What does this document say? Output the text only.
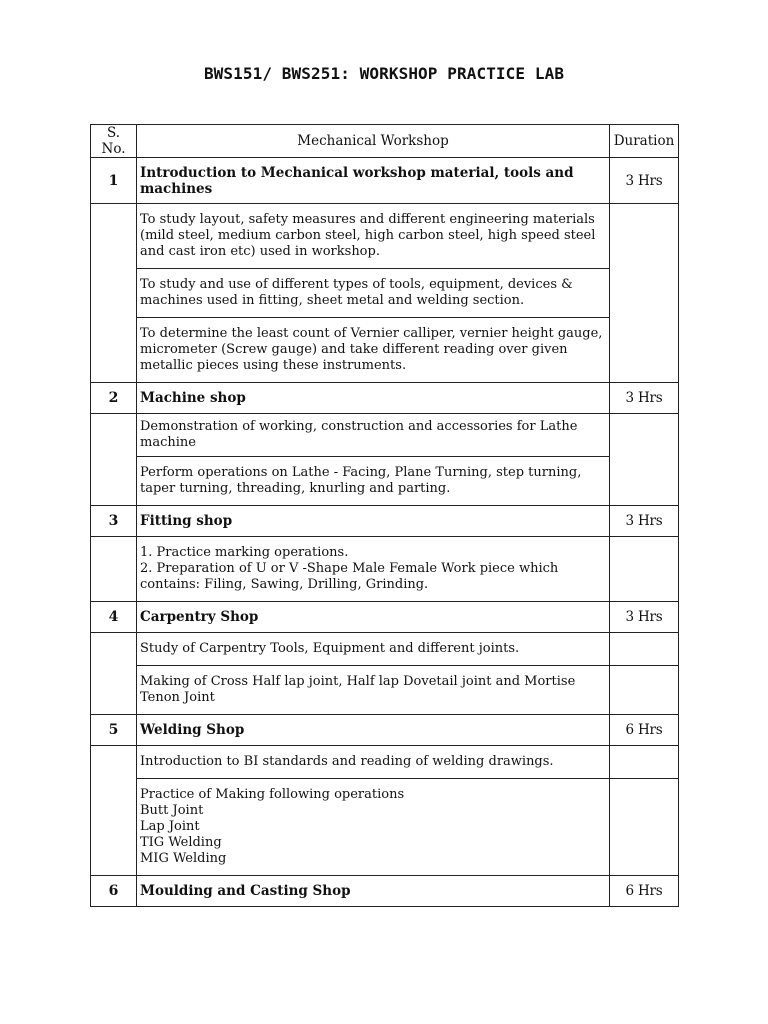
BWS151/ BWS251: WORKSHOP PRACTICE LAB
S. No.	Mechanical Workshop	Duration
1	Introduction to Mechanical workshop material, tools and machines	3 Hrs
	To study layout, safety measures and different engineering materials (mild steel, medium carbon steel, high carbon steel, high speed steel and cast iron etc) used in workshop.	
	To study and use of different types of tools, equipment, devices & machines used in fitting, sheet metal and welding section.	
	To determine the least count of Vernier calliper, vernier height gauge, micrometer (Screw gauge) and take different reading over given metallic pieces using these instruments.	
2	Machine shop	3 Hrs
	Demonstration of working, construction and accessories for Lathe machine	
	Perform operations on Lathe - Facing, Plane Turning, step turning, taper turning, threading, knurling and parting.	
3	Fitting shop	3 Hrs
	1. Practice marking operations.
2. Preparation of U or V -Shape Male Female Work piece which contains: Filing, Sawing, Drilling, Grinding.	
4	Carpentry Shop	3 Hrs
	Study of Carpentry Tools, Equipment and different joints.	
	Making of Cross Half lap joint, Half lap Dovetail joint and Mortise Tenon Joint	
5	Welding Shop	6 Hrs
	Introduction to BI standards and reading of welding drawings.	
	Practice of Making following operations
Butt Joint
Lap Joint
TIG Welding
MIG Welding	
6	Moulding and Casting Shop	6 Hrs
